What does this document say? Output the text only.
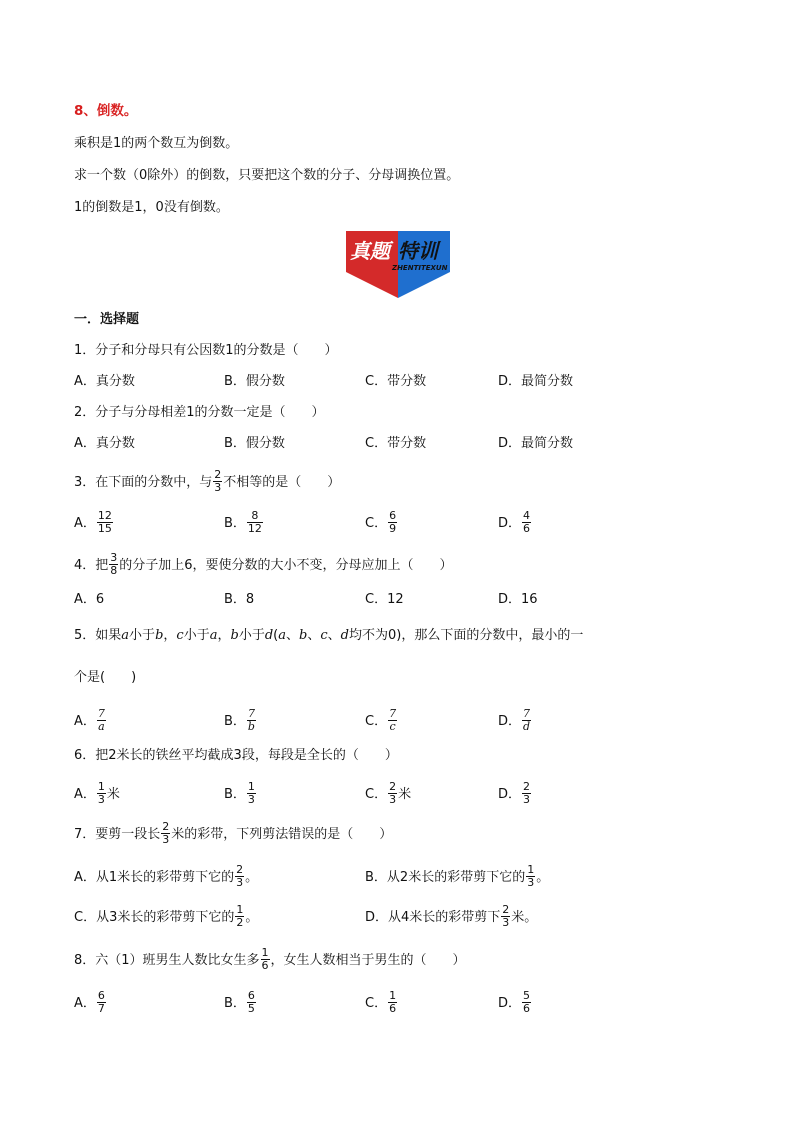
8、倒数。
乘积是1的两个数互为倒数。
求一个数（0除外）的倒数，只要把这个数的分子、分母调换位置。
1的倒数是1，0没有倒数。
真题 特训
ZHENTITEXUN
一．选择题
1．分子和分母只有公因数1的分数是（　　）
A．真分数	B．假分数	C．带分数	D．最简分数
2．分子与分母相差1的分数一定是（　　）
A．真分数	B．假分数	C．带分数	D．最简分数
3．在下面的分数中，与 $\frac{2}{3}$ 不相等的是（　　）
A． $\frac{12}{15}$	B． $\frac{8}{12}$	C． $\frac{6}{9}$	D． $\frac{4}{6}$
4．把 $\frac{3}{8}$ 的分子加上6，要使分数的大小不变，分母应加上（　　）
A．6	B．8	C．12	D．16
5．如果a小于b，c小于a，b小于d(a、b、c、d均不为0)，那么下面的分数中，最小的一
个是(　　)
A． $\frac{7}{a}$	B． $\frac{7}{b}$	C． $\frac{7}{c}$	D． $\frac{7}{d}$
6．把2米长的铁丝平均截成3段，每段是全长的（　　）
A． $\frac{1}{3}$ 米	B． $\frac{1}{3}$	C． $\frac{2}{3}$ 米	D． $\frac{2}{3}$
7．要剪一段长 $\frac{2}{3}$ 米的彩带，下列剪法错误的是（　　）
A．从1米长的彩带剪下它的 $\frac{2}{3}$ 。	B．从2米长的彩带剪下它的 $\frac{1}{3}$ 。
C．从3米长的彩带剪下它的 $\frac{1}{2}$ 。	D．从4米长的彩带剪下 $\frac{2}{3}$ 米。
8．六（1）班男生人数比女生多 $\frac{1}{6}$ ，女生人数相当于男生的（　　）
A． $\frac{6}{7}$	B． $\frac{6}{5}$	C． $\frac{1}{6}$	D． $\frac{5}{6}$
